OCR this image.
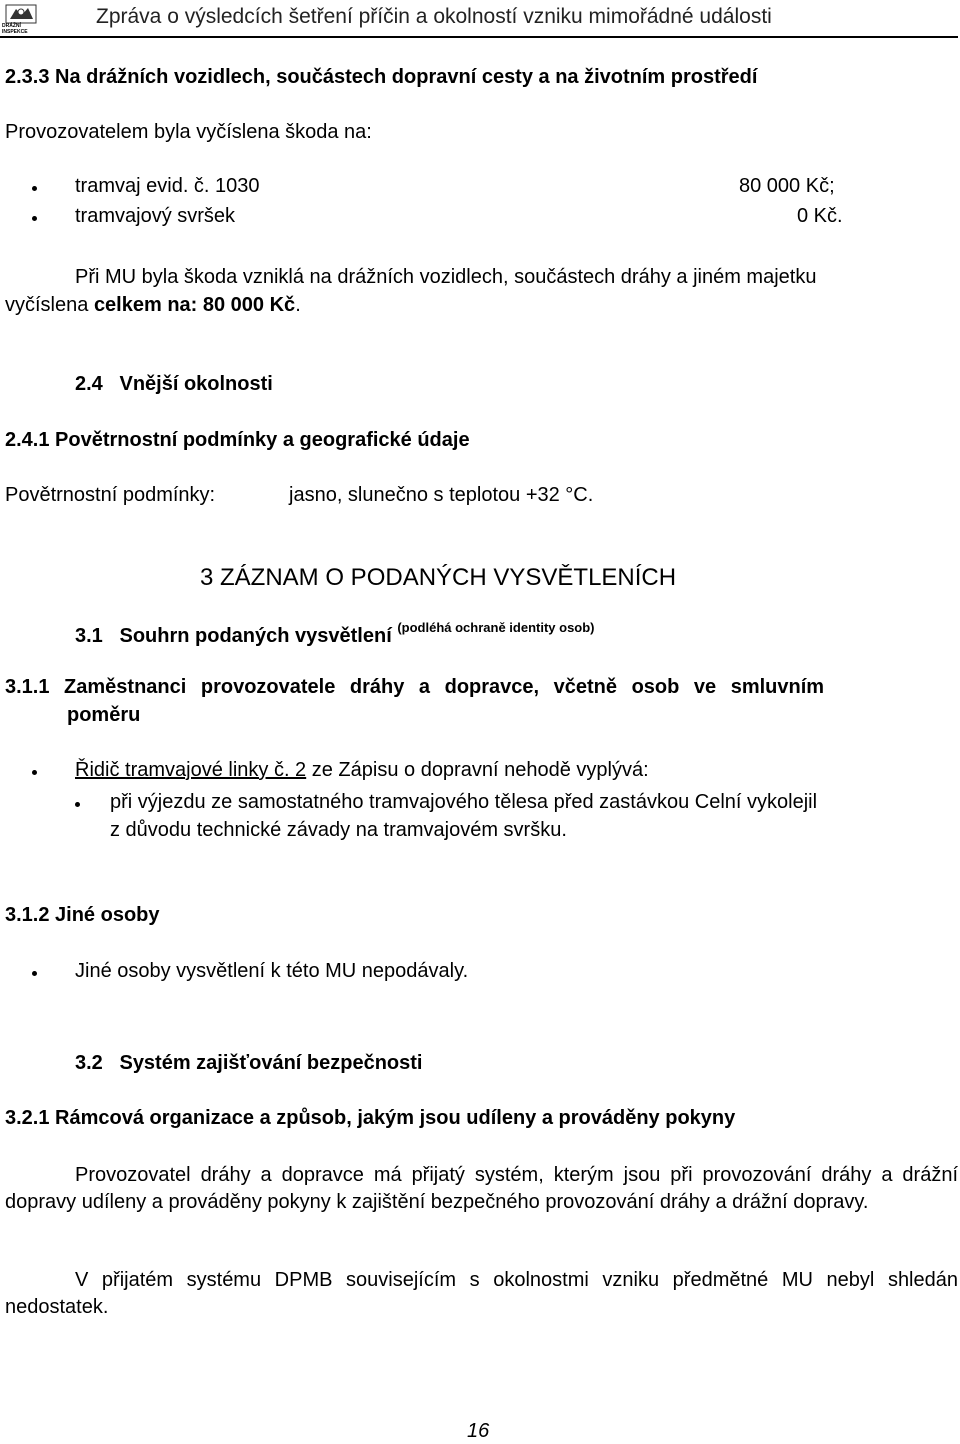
DRÁŽNÍ
INSPEKCE
Zpráva o výsledcích šetření příčin a okolností vzniku mimořádné události
2.3.3 Na drážních vozidlech, součástech dopravní cesty a na životním prostředí
Provozovatelem byla vyčíslena škoda na:
tramvaj evid. č. 1030	80 000 Kč;
tramvajový svršek	0 Kč.
Při MU byla škoda vzniklá na drážních vozidlech, součástech dráhy a jiném majetku
vyčíslena celkem na: 80 000 Kč.
2.4   Vnější okolnosti
2.4.1 Povětrnostní podmínky a geografické údaje
Povětrnostní podmínky:	jasno, slunečno s teplotou +32 °C.
3 ZÁZNAM O PODANÝCH VYSVĚTLENÍCH
3.1   Souhrn podaných vysvětlení $^{(podléhá ochraně identity osob)}$
3.1.1 Zaměstnanci provozovatele dráhy a dopravce, včetně osob ve smluvním
poměru
Řidič tramvajové linky č. 2 ze Zápisu o dopravní nehodě vyplývá:
při výjezdu ze samostatného tramvajového tělesa před zastávkou Celní vykolejil
z důvodu technické závady na tramvajovém svršku.
3.1.2 Jiné osoby
Jiné osoby vysvětlení k této MU nepodávaly.
3.2   Systém zajišťování bezpečnosti
3.2.1 Rámcová organizace a způsob, jakým jsou udíleny a prováděny pokyny
Provozovatel dráhy a dopravce má přijatý systém, kterým jsou při provozování dráhy a drážní dopravy udíleny a prováděny pokyny k zajištění bezpečného provozování dráhy a drážní dopravy.
V přijatém systému DPMB souvisejícím s okolnostmi vzniku předmětné MU nebyl shledán nedostatek.
16
